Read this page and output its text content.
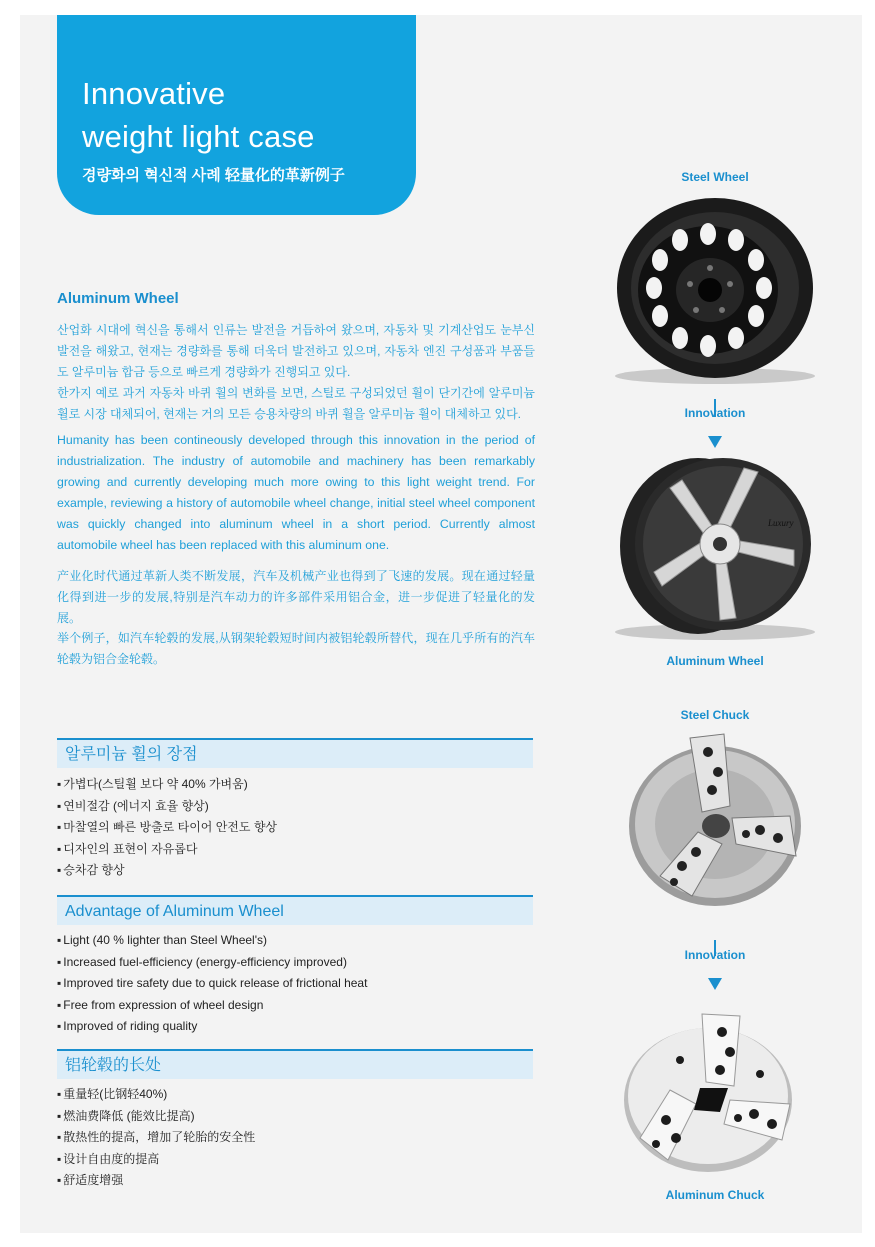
Innovative
weight light case
경량화의 혁신적 사례 轻量化的革新例子
Aluminum Wheel

산업화 시대에 혁신을 통해서 인류는 발전을 거듭하여 왔으며, 자동차 및 기계산업도 눈부신 발전을 해왔고, 현재는 경량화를 통해 더욱더 발전하고 있으며, 자동차 엔진 구성품과 부품들도 알루미늄 합금 등으로 빠르게 경량화가 진행되고 있다.

한가지 예로 과거 자동차 바퀴 휠의 변화를 보면, 스틸로 구성되었던 휠이 단기간에 알루미늄 휠로 시장 대체되어, 현재는 거의 모든 승용차량의 바퀴 휠을 알루미늄 휠이 대체하고 있다.

Humanity has been contineously developed through this innovation in the period of industrialization. The industry of automobile and machinery has been remarkably growing and currently developing much more owing to this light weight trend. For example, reviewing a history of automobile wheel change, initial steel wheel component was quickly changed into aluminum wheel in a short period. Currently almost automobile wheel has been replaced with this aluminum one.

产业化时代通过革新人类不断发展，汽车及机械产业也得到了飞速的发展。现在通过轻量化得到进一步的发展,特别是汽车动力的许多部件采用铝合金，进一步促进了轻量化的发展。

举个例子，如汽车轮毂的发展,从钢架轮毂短时间内被铝轮毂所替代，现在几乎所有的汽车轮毂为铝合金轮毂。

알루미늄 휠의 장점
▪ 가볍다(스틸휠 보다 약 40% 가벼움)
▪ 연비절감 (에너지 효율 향상)
▪ 마찰열의 빠른 방출로 타이어 안전도 향상
▪ 디자인의 표현이 자유롭다
▪ 승차감 향상
Advantage of Aluminum Wheel
▪ Light (40 % lighter than Steel Wheel's)
▪ Increased fuel-efficiency (energy-efficiency improved)
▪ Improved tire safety due to quick release of frictional heat
▪ Free from expression of wheel design
▪ Improved of riding quality
铝轮毂的长处
▪ 重量轻(比钢轻40%)
▪ 燃油费降低 (能效比提高)
▪ 散热性的提高，增加了轮胎的安全性
▪ 设计自由度的提高
▪ 舒适度增强
Steel Wheel
Innovation
Luxury
Aluminum Wheel
Steel Chuck
Innovation
Aluminum Chuck
